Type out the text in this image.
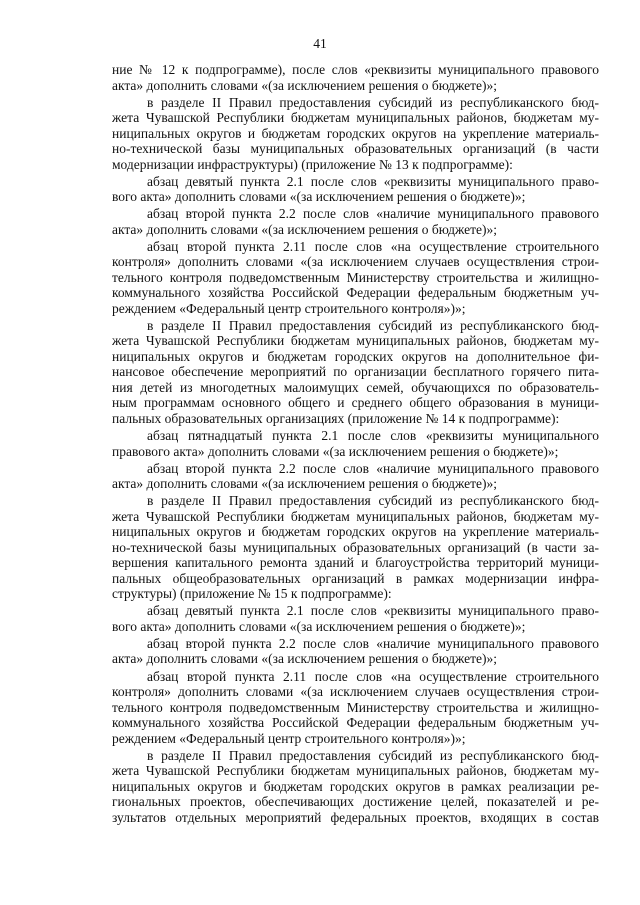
41
ние № 12 к подпрограмме), после слов «реквизиты муниципального правового
акта» дополнить словами «(за исключением решения о бюджете)»;
в разделе II Правил предоставления субсидий из республиканского бюд-
жета Чувашской Республики бюджетам муниципальных районов, бюджетам му-
ниципальных округов и бюджетам городских округов на укрепление материаль-
но-технической базы муниципальных образовательных организаций (в части
модернизации инфраструктуры) (приложение № 13 к подпрограмме):
абзац девятый пункта 2.1 после слов «реквизиты муниципального право-
вого акта» дополнить словами «(за исключением решения о бюджете)»;
абзац второй пункта 2.2 после слов «наличие муниципального правового
акта» дополнить словами «(за исключением решения о бюджете)»;
абзац второй пункта 2.11 после слов «на осуществление строительного
контроля» дополнить словами «(за исключением случаев осуществления строи-
тельного контроля подведомственным Министерству строительства и жилищно-
коммунального хозяйства Российской Федерации федеральным бюджетным уч-
реждением «Федеральный центр строительного контроля»)»;
в разделе II Правил предоставления субсидий из республиканского бюд-
жета Чувашской Республики бюджетам муниципальных районов, бюджетам му-
ниципальных округов и бюджетам городских округов на дополнительное фи-
нансовое обеспечение мероприятий по организации бесплатного горячего пита-
ния детей из многодетных малоимущих семей, обучающихся по образователь-
ным программам основного общего и среднего общего образования в муници-
пальных образовательных организациях (приложение № 14 к подпрограмме):
абзац пятнадцатый пункта 2.1 после слов «реквизиты муниципального
правового акта» дополнить словами «(за исключением решения о бюджете)»;
абзац второй пункта 2.2 после слов «наличие муниципального правового
акта» дополнить словами «(за исключением решения о бюджете)»;
в разделе II Правил предоставления субсидий из республиканского бюд-
жета Чувашской Республики бюджетам муниципальных районов, бюджетам му-
ниципальных округов и бюджетам городских округов на укрепление материаль-
но-технической базы муниципальных образовательных организаций (в части за-
вершения капитального ремонта зданий и благоустройства территорий муници-
пальных общеобразовательных организаций в рамках модернизации инфра-
структуры) (приложение № 15 к подпрограмме):
абзац девятый пункта 2.1 после слов «реквизиты муниципального право-
вого акта» дополнить словами «(за исключением решения о бюджете)»;
абзац второй пункта 2.2 после слов «наличие муниципального правового
акта» дополнить словами «(за исключением решения о бюджете)»;
абзац второй пункта 2.11 после слов «на осуществление строительного
контроля» дополнить словами «(за исключением случаев осуществления строи-
тельного контроля подведомственным Министерству строительства и жилищно-
коммунального хозяйства Российской Федерации федеральным бюджетным уч-
реждением «Федеральный центр строительного контроля»)»;
в разделе II Правил предоставления субсидий из республиканского бюд-
жета Чувашской Республики бюджетам муниципальных районов, бюджетам му-
ниципальных округов и бюджетам городских округов в рамках реализации ре-
гиональных проектов, обеспечивающих достижение целей, показателей и ре-
зультатов отдельных мероприятий федеральных проектов, входящих в состав
